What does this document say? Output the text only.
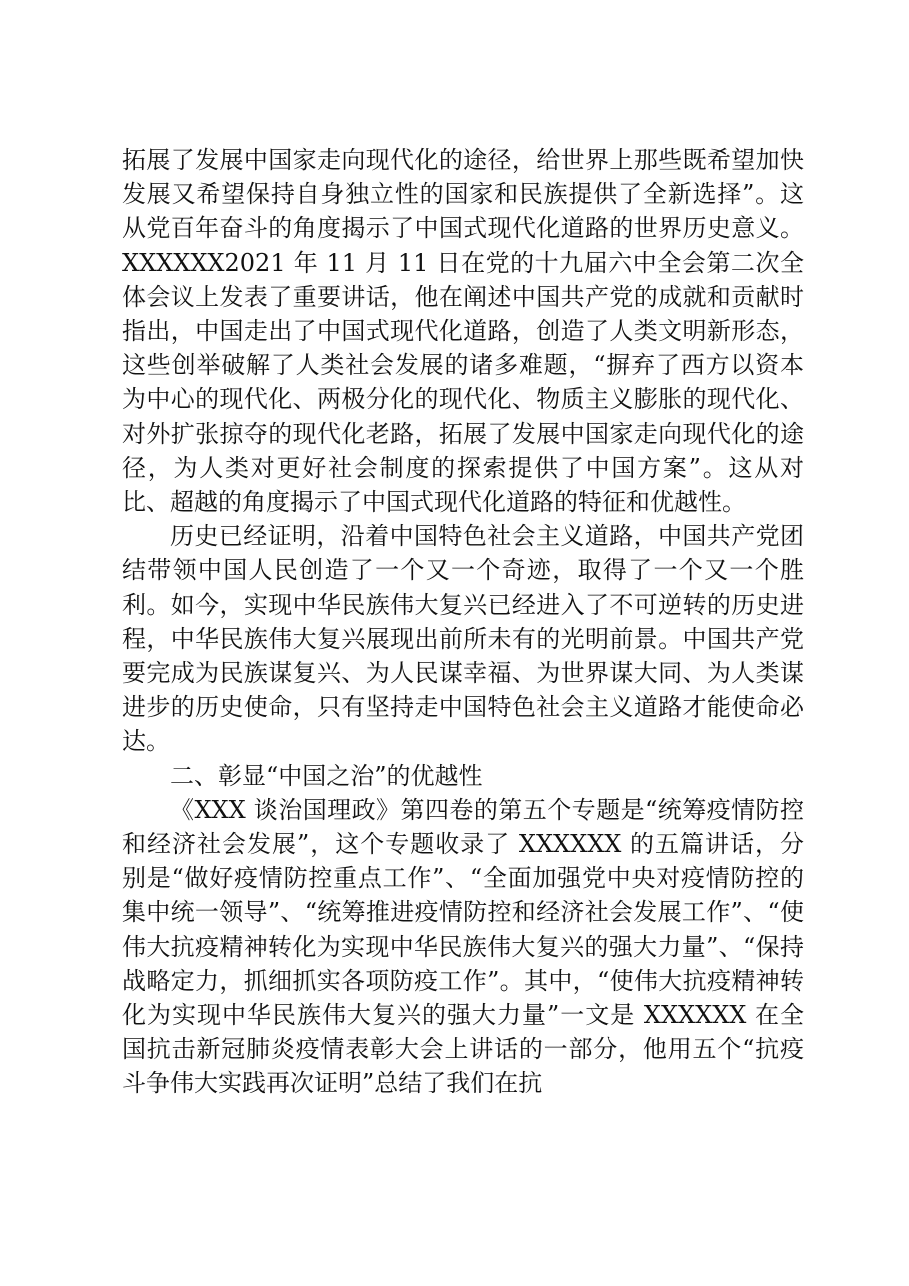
拓展了发展中国家走向现代化的途径，给世界上那些既希望加快发展又希望保持自身独立性的国家和民族提供了全新选择”。这从党百年奋斗的角度揭示了中国式现代化道路的世界历史意义。XXXXXX2021 年 11 月 11 日在党的十九届六中全会第二次全体会议上发表了重要讲话，他在阐述中国共产党的成就和贡献时指出，中国走出了中国式现代化道路，创造了人类文明新形态，这些创举破解了人类社会发展的诸多难题，“摒弃了西方以资本为中心的现代化、两极分化的现代化、物质主义膨胀的现代化、对外扩张掠夺的现代化老路，拓展了发展中国家走向现代化的途径，为人类对更好社会制度的探索提供了中国方案”。这从对比、超越的角度揭示了中国式现代化道路的特征和优越性。

历史已经证明，沿着中国特色社会主义道路，中国共产党团结带领中国人民创造了一个又一个奇迹，取得了一个又一个胜利。如今，实现中华民族伟大复兴已经进入了不可逆转的历史进程，中华民族伟大复兴展现出前所未有的光明前景。中国共产党要完成为民族谋复兴、为人民谋幸福、为世界谋大同、为人类谋进步的历史使命，只有坚持走中国特色社会主义道路才能使命必达。

二、彰显“中国之治”的优越性

《XXX 谈治国理政》第四卷的第五个专题是“统筹疫情防控和经济社会发展”，这个专题收录了 XXXXXX 的五篇讲话，分别是“做好疫情防控重点工作”、“全面加强党中央对疫情防控的集中统一领导”、“统筹推进疫情防控和经济社会发展工作”、“使伟大抗疫精神转化为实现中华民族伟大复兴的强大力量”、“保持战略定力，抓细抓实各项防疫工作”。其中，“使伟大抗疫精神转化为实现中华民族伟大复兴的强大力量”一文是 XXXXXX 在全国抗击新冠肺炎疫情表彰大会上讲话的一部分，他用五个“抗疫斗争伟大实践再次证明”总结了我们在抗
